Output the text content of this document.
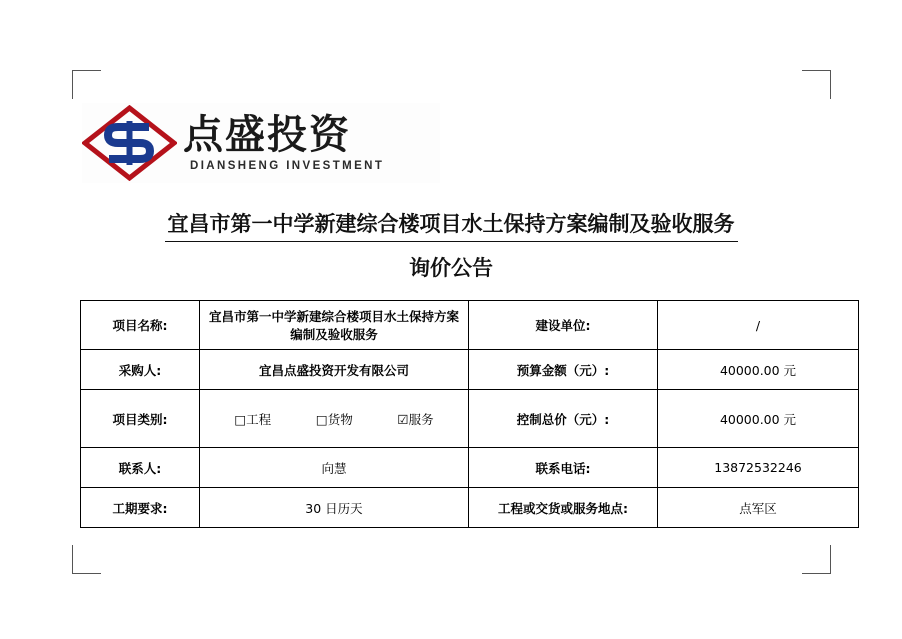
点盛投资
DIANSHENG INVESTMENT
宜昌市第一中学新建综合楼项目水土保持方案编制及验收服务
询价公告
项目名称:	宜昌市第一中学新建综合楼项目水土保持方案编制及验收服务	建设单位:	/
采购人:	宜昌点盛投资开发有限公司	预算金额（元）:	40000.00 元
项目类别:	□工程 □货物 ☑服务	控制总价（元）:	40000.00 元
联系人:	向慧	联系电话:	13872532246
工期要求:	30 日历天	工程或交货或服务地点:	点军区
